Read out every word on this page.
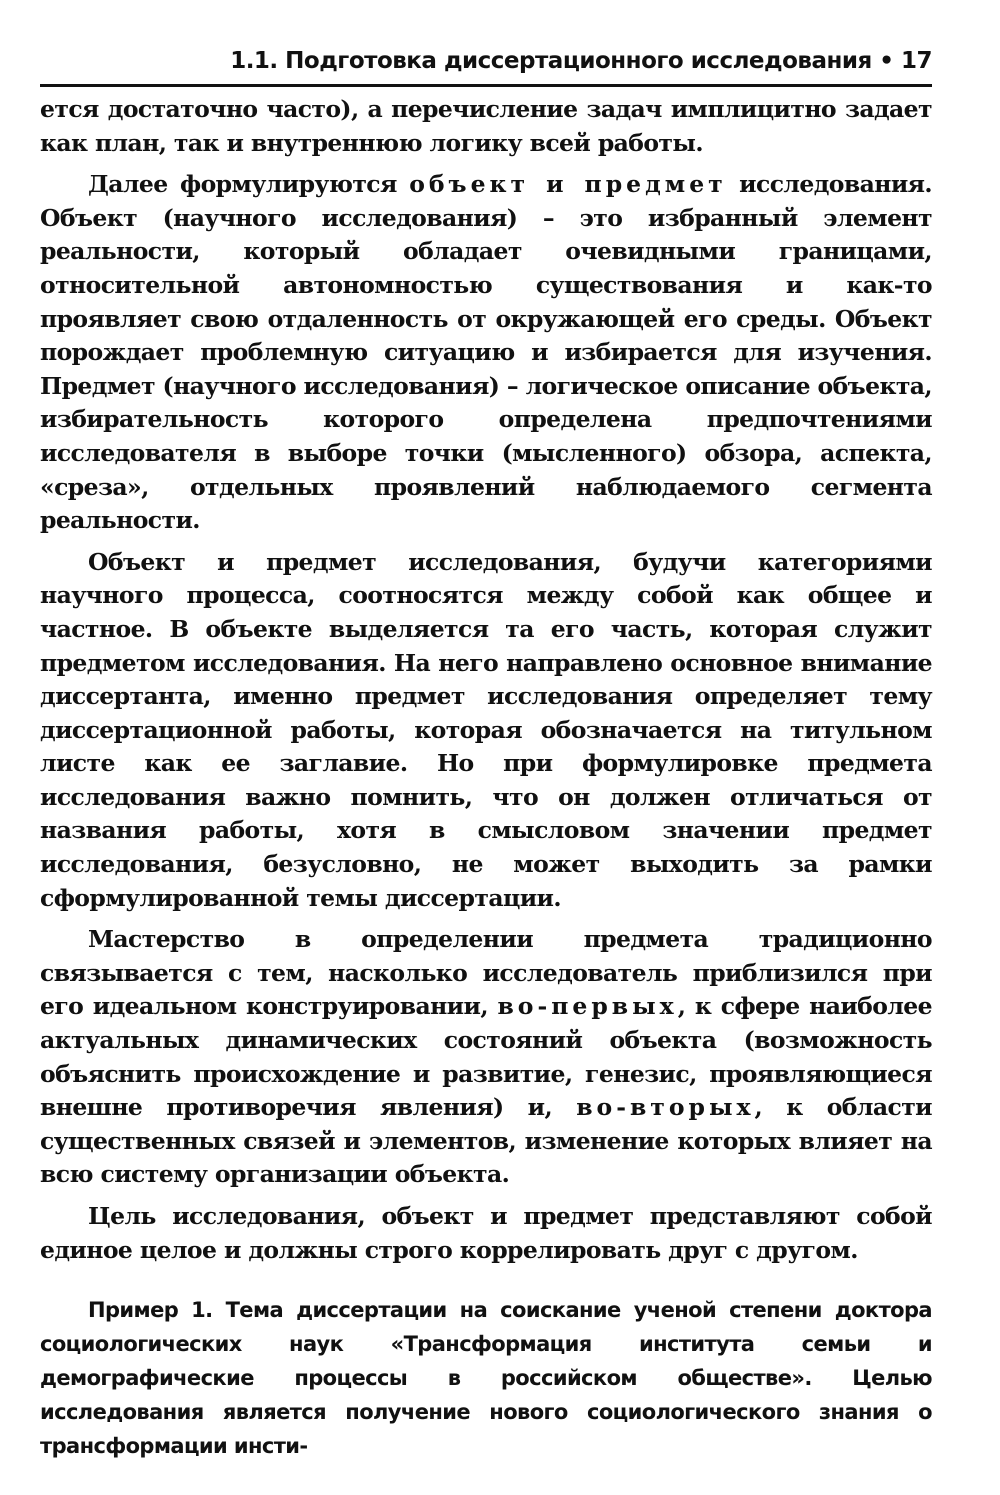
1.1. Подготовка диссертационного исследования • 17

ется достаточно часто), а перечисление задач имплицитно задает как план, так и внутреннюю логику всей работы.

Далее формулируются объект и предмет исследования. Объект (научного исследования) – это избранный элемент реальности, который обладает очевидными границами, относительной автономностью существования и как-то проявляет свою отдаленность от окружающей его среды. Объект порождает проблемную ситуацию и избирается для изучения. Предмет (научного исследования) – логическое описание объекта, избирательность которого определена предпочтениями исследователя в выборе точки (мысленного) обзора, аспекта, «среза», отдельных проявлений наблюдаемого сегмента реальности.

Объект и предмет исследования, будучи категориями научного процесса, соотносятся между собой как общее и частное. В объекте выделяется та его часть, которая служит предметом исследования. На него направлено основное внимание диссертанта, именно предмет исследования определяет тему диссертационной работы, которая обозначается на титульном листе как ее заглавие. Но при формулировке предмета исследования важно помнить, что он должен отличаться от названия работы, хотя в смысловом значении предмет исследования, безусловно, не может выходить за рамки сформулированной темы диссертации.

Мастерство в определении предмета традиционно связывается с тем, насколько исследователь приблизился при его идеальном конструировании, во-первых, к сфере наиболее актуальных динамических состояний объекта (возможность объяснить происхождение и развитие, генезис, проявляющиеся внешне противоречия явления) и, во-вторых, к области существенных связей и элементов, изменение которых влияет на всю систему организации объекта.

Цель исследования, объект и предмет представляют собой единое целое и должны строго коррелировать друг с другом.

Пример 1. Тема диссертации на соискание ученой степени доктора социологических наук «Трансформация института семьи и демографические процессы в российском обществе». Целью исследования является получение нового социологического знания о трансформации инсти-
